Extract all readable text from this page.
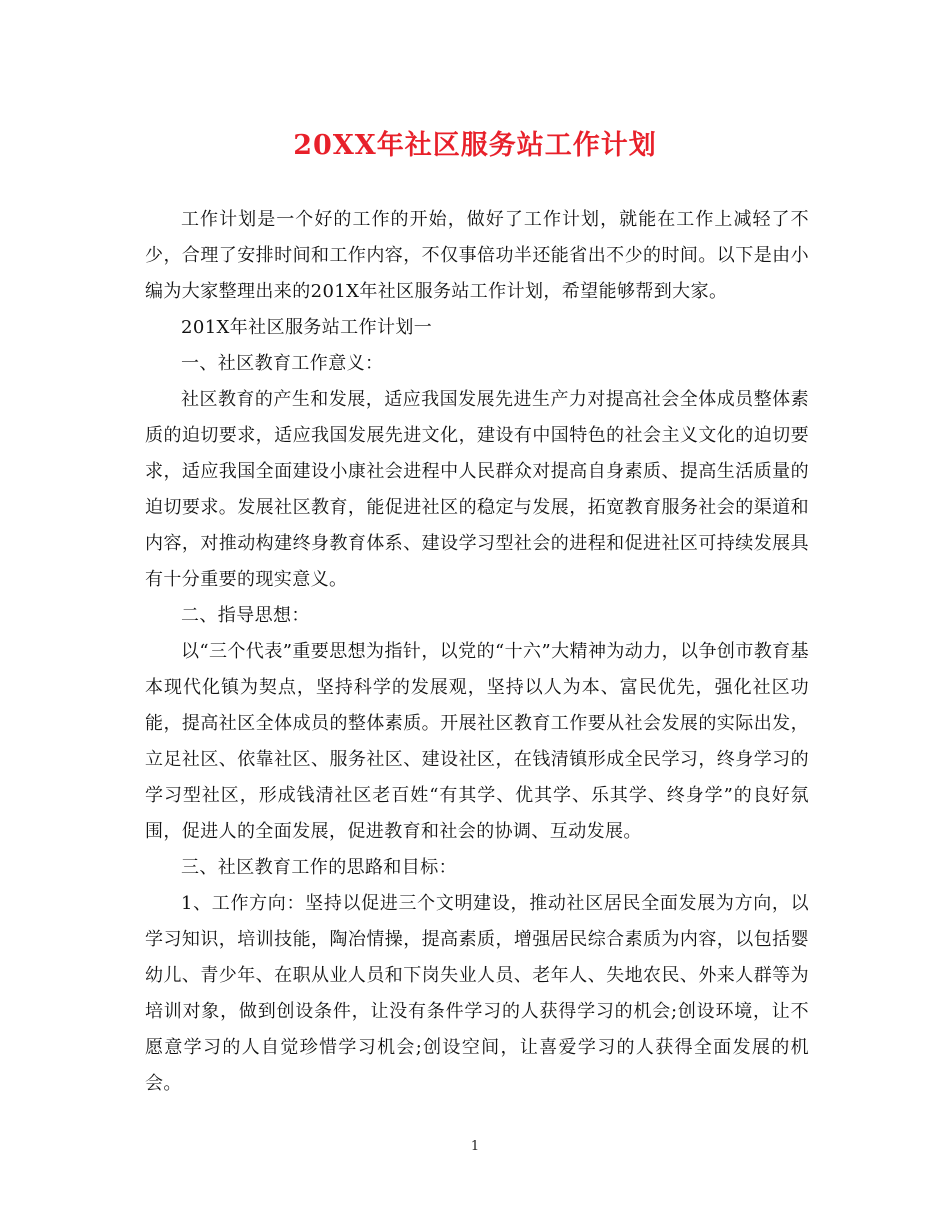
20XX年社区服务站工作计划

工作计划是一个好的工作的开始，做好了工作计划，就能在工作上减轻了不少，合理了安排时间和工作内容，不仅事倍功半还能省出不少的时间。以下是由小编为大家整理出来的201X年社区服务站工作计划，希望能够帮到大家。

201X年社区服务站工作计划一

一、社区教育工作意义：

社区教育的产生和发展，适应我国发展先进生产力对提高社会全体成员整体素质的迫切要求，适应我国发展先进文化，建设有中国特色的社会主义文化的迫切要求，适应我国全面建设小康社会进程中人民群众对提高自身素质、提高生活质量的迫切要求。发展社区教育，能促进社区的稳定与发展，拓宽教育服务社会的渠道和内容，对推动构建终身教育体系、建设学习型社会的进程和促进社区可持续发展具有十分重要的现实意义。

二、指导思想：

以“三个代表”重要思想为指针，以党的“十六”大精神为动力，以争创市教育基本现代化镇为契点，坚持科学的发展观，坚持以人为本、富民优先，强化社区功能，提高社区全体成员的整体素质。开展社区教育工作要从社会发展的实际出发，立足社区、依靠社区、服务社区、建设社区，在钱清镇形成全民学习，终身学习的学习型社区，形成钱清社区老百姓“有其学、优其学、乐其学、终身学”的良好氛围，促进人的全面发展，促进教育和社会的协调、互动发展。

三、社区教育工作的思路和目标：

1、工作方向：坚持以促进三个文明建设，推动社区居民全面发展为方向，以学习知识，培训技能，陶冶情操，提高素质，增强居民综合素质为内容，以包括婴幼儿、青少年、在职从业人员和下岗失业人员、老年人、失地农民、外来人群等为培训对象，做到创设条件，让没有条件学习的人获得学习的机会;创设环境，让不愿意学习的人自觉珍惜学习机会;创设空间，让喜爱学习的人获得全面发展的机会。

1
